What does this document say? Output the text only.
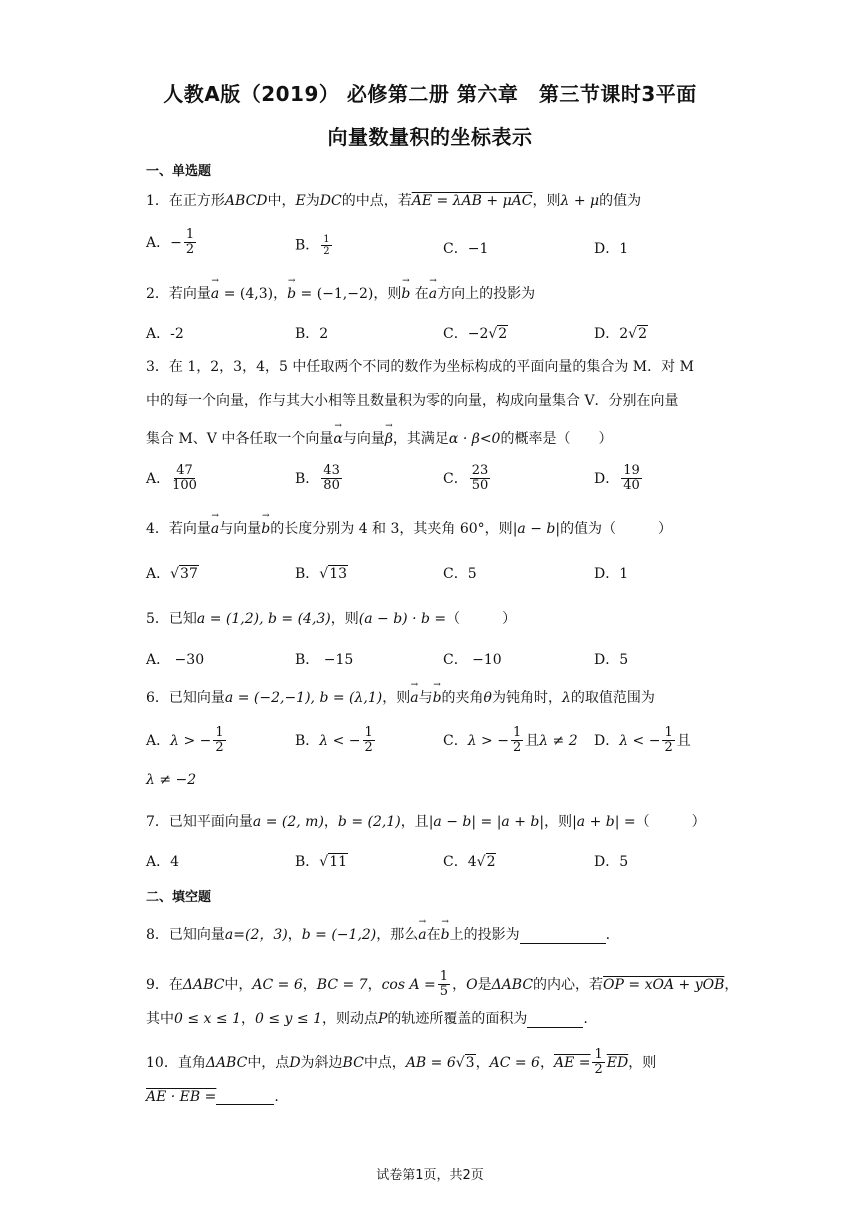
人教A版（2019） 必修第二册 第六章　第三节课时3平面
向量数量积的坐标表示
一、单选题
1．在正方形ABCD中，E为DC的中点，若AE = λAB + μAC，则λ + μ的值为
A．− $\frac{1}{2}$	B． $\frac{1}{2}$	C．−1	D．1
2．若向量→ a = (4,3)，→ b = (−1,−2)，则→ b 在→ a方向上的投影为
A．-2	B．2	C．−2√2	D．2√2
3．在 1，2，3，4，5 中任取两个不同的数作为坐标构成的平面向量的集合为 M．对 M
中的每一个向量，作与其大小相等且数量积为零的向量，构成向量集合 V．分别在向量
集合 M、V 中各任取一个向量→ α与向量→ β，其满足α · β<0的概率是（　　）
A． $\frac{47}{100}$	B． $\frac{43}{80}$	C． $\frac{23}{50}$	D． $\frac{19}{40}$
4．若向量→ a与向量→ b的长度分别为 4 和 3，其夹角 60°，则|a − b|的值为（　　　）
A．√37	B．√13	C．5	D．1
5．已知a = (1,2), b = (4,3)，则(a − b) · b =（　　　）
A． −30	B． −15	C． −10	D．5
6．已知向量a = (−2,−1), b = (λ,1)，则→ a与→ b的夹角θ为钝角时，λ的取值范围为
A．λ > − $\frac{1}{2}$	B．λ < − $\frac{1}{2}$	C．λ > − $\frac{1}{2}$ 且λ ≠ 2 D．λ < − $\frac{1}{2}$ 且
λ ≠ −2
7．已知平面向量a = (2, m)，b = (2,1)，且|a − b| = |a + b|，则|a + b| =（　　　）
A．4	B．√11	C．4√2	D．5
二、填空题
8．已知向量a=(2，3)，b = (−1,2)，那么→ a在→ b上的投影为	.
9．在ΔABC中，AC = 6，BC = 7，$\cos A = \frac{1}{5}$ ，O是ΔABC的内心，若OP = xOA + yOB，
其中0 ≤ x ≤ 1，0 ≤ y ≤ 1，则动点P的轨迹所覆盖的面积为	.
10．直角ΔABC中，点D为斜边BC中点，AB = 6√3，AC = 6，AE = $\frac{1}{2} \overline{ED}$，则
AE · EB =	.
试卷第1页，共2页
